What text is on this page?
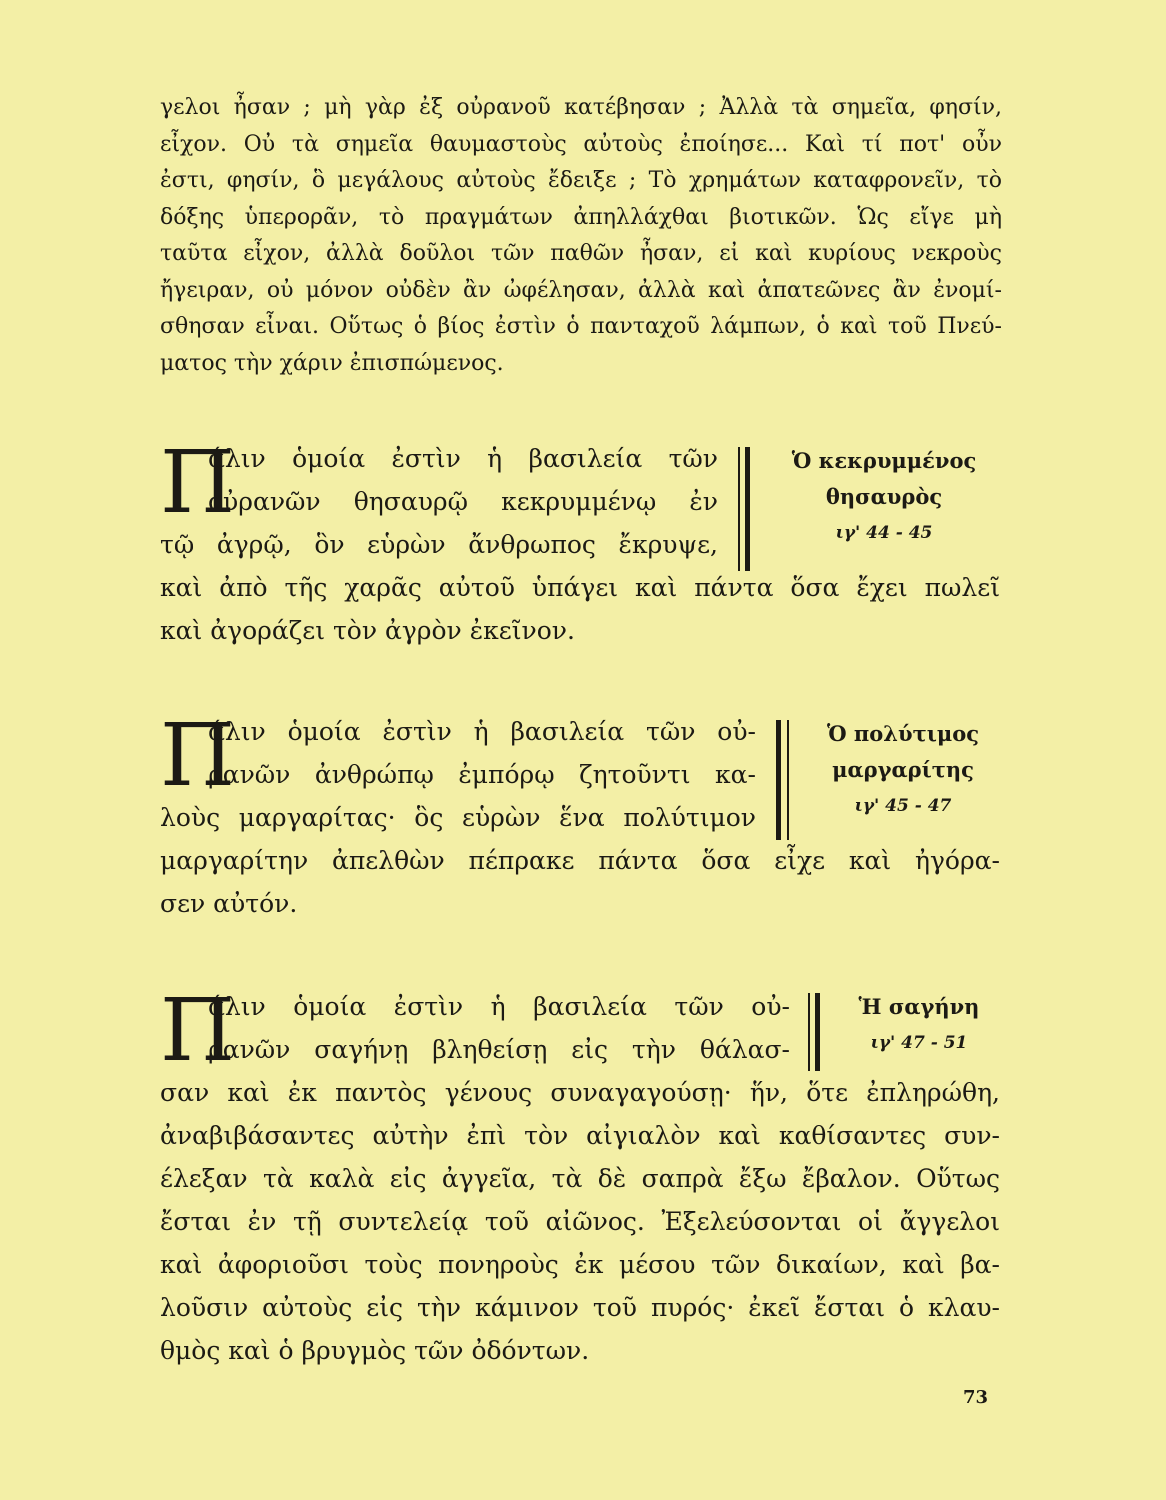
γελοι ἦσαν ; μὴ γὰρ ἐξ οὐρανοῦ κατέβησαν ; Ἀλλὰ τὰ σημεῖα, φησίν,
εἶχον. Οὐ τὰ σημεῖα θαυμαστοὺς αὐτοὺς ἐποίησε... Καὶ τί ποτ' οὖν
ἐστι, φησίν, ὃ μεγάλους αὐτοὺς ἔδειξε ; Τὸ χρημάτων καταφρονεῖν, τὸ
δόξης ὑπερορᾶν, τὸ πραγμάτων ἀπηλλάχθαι βιοτικῶν. Ὡς εἴγε μὴ
ταῦτα εἶχον, ἀλλὰ δοῦλοι τῶν παθῶν ἦσαν, εἰ καὶ κυρίους νεκροὺς
ἤγειραν, οὐ μόνον οὐδὲν ἂν ὠφέλησαν, ἀλλὰ καὶ ἀπατεῶνες ἂν ἐνομί-
σθησαν εἶναι. Οὕτως ὁ βίος ἐστὶν ὁ πανταχοῦ λάμπων, ὁ καὶ τοῦ Πνεύ-
ματος τὴν χάριν ἐπισπώμενος.
Π
άλιν ὁμοία ἐστὶν ἡ βασιλεία τῶν
οὐρανῶν θησαυρῷ κεκρυμμένῳ ἐν
τῷ ἀγρῷ, ὃν εὑρὼν ἄνθρωπος ἔκρυψε,
καὶ ἀπὸ τῆς χαρᾶς αὐτοῦ ὑπάγει καὶ πάντα ὅσα ἔχει πωλεῖ
καὶ ἀγοράζει τὸν ἀγρὸν ἐκεῖνον.
Ὁ κεκρυμμένος
θησαυρὸς
ιγ' 44 - 45
Π
άλιν ὁμοία ἐστὶν ἡ βασιλεία τῶν οὐ-
ρανῶν ἀνθρώπῳ ἐμπόρῳ ζητοῦντι κα-
λοὺς μαργαρίτας· ὃς εὑρὼν ἕνα πολύτιμον
μαργαρίτην ἀπελθὼν πέπρακε πάντα ὅσα εἶχε καὶ ἠγόρα-
σεν αὐτόν.
Ὁ πολύτιμος
μαργαρίτης
ιγ' 45 - 47
Π
άλιν ὁμοία ἐστὶν ἡ βασιλεία τῶν οὐ-
ρανῶν σαγήνῃ βληθείσῃ εἰς τὴν θάλασ-
σαν καὶ ἐκ παντὸς γένους συναγαγούσῃ· ἥν, ὅτε ἐπληρώθη,
ἀναβιβάσαντες αὐτὴν ἐπὶ τὸν αἰγιαλὸν καὶ καθίσαντες συν-
έλεξαν τὰ καλὰ εἰς ἀγγεῖα, τὰ δὲ σαπρὰ ἔξω ἔβαλον. Οὕτως
ἔσται ἐν τῇ συντελείᾳ τοῦ αἰῶνος. Ἐξελεύσονται οἱ ἄγγελοι
καὶ ἀφοριοῦσι τοὺς πονηροὺς ἐκ μέσου τῶν δικαίων, καὶ βα-
λοῦσιν αὐτοὺς εἰς τὴν κάμινον τοῦ πυρός· ἐκεῖ ἔσται ὁ κλαυ-
θμὸς καὶ ὁ βρυγμὸς τῶν ὀδόντων.
Ἡ σαγήνη
ιγ' 47 - 51
73
